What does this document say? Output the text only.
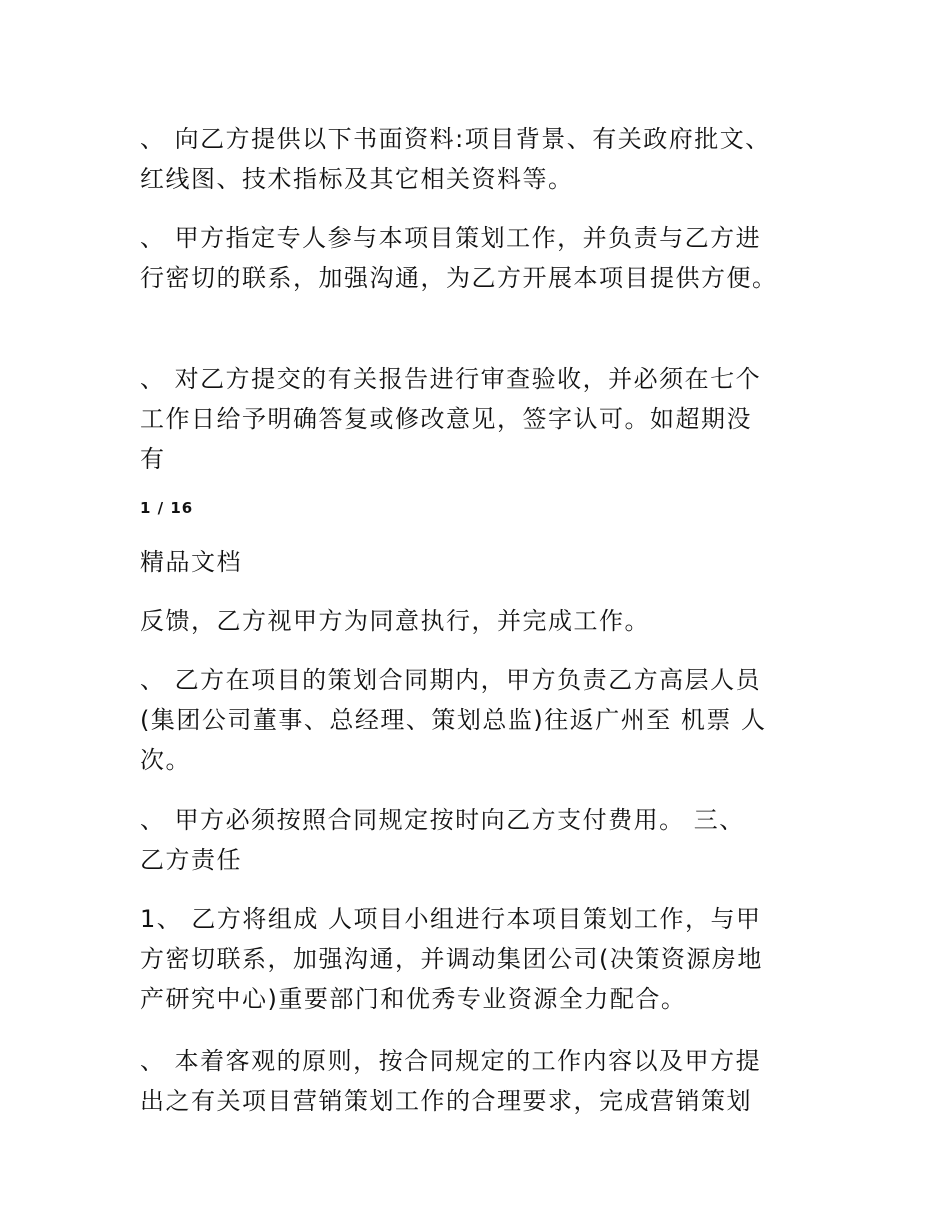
、 向乙方提供以下书面资料:项目背景、有关政府批文、
红线图、技术指标及其它相关资料等。

、 甲方指定专人参与本项目策划工作，并负责与乙方进
行密切的联系，加强沟通，为乙方开展本项目提供方便。

、 对乙方提交的有关报告进行审查验收，并必须在七个
工作日给予明确答复或修改意见，签字认可。如超期没
有

1 / 16
精品文档

反馈，乙方视甲方为同意执行，并完成工作。

、 乙方在项目的策划合同期内，甲方负责乙方高层人员
(集团公司董事、总经理、策划总监)往返广州至 机票 人
次。

、 甲方必须按照合同规定按时向乙方支付费用。 三、
乙方责任

1、 乙方将组成 人项目小组进行本项目策划工作，与甲
方密切联系，加强沟通，并调动集团公司(决策资源房地
产研究中心)重要部门和优秀专业资源全力配合。

、 本着客观的原则，按合同规定的工作内容以及甲方提
出之有关项目营销策划工作的合理要求，完成营销策划
